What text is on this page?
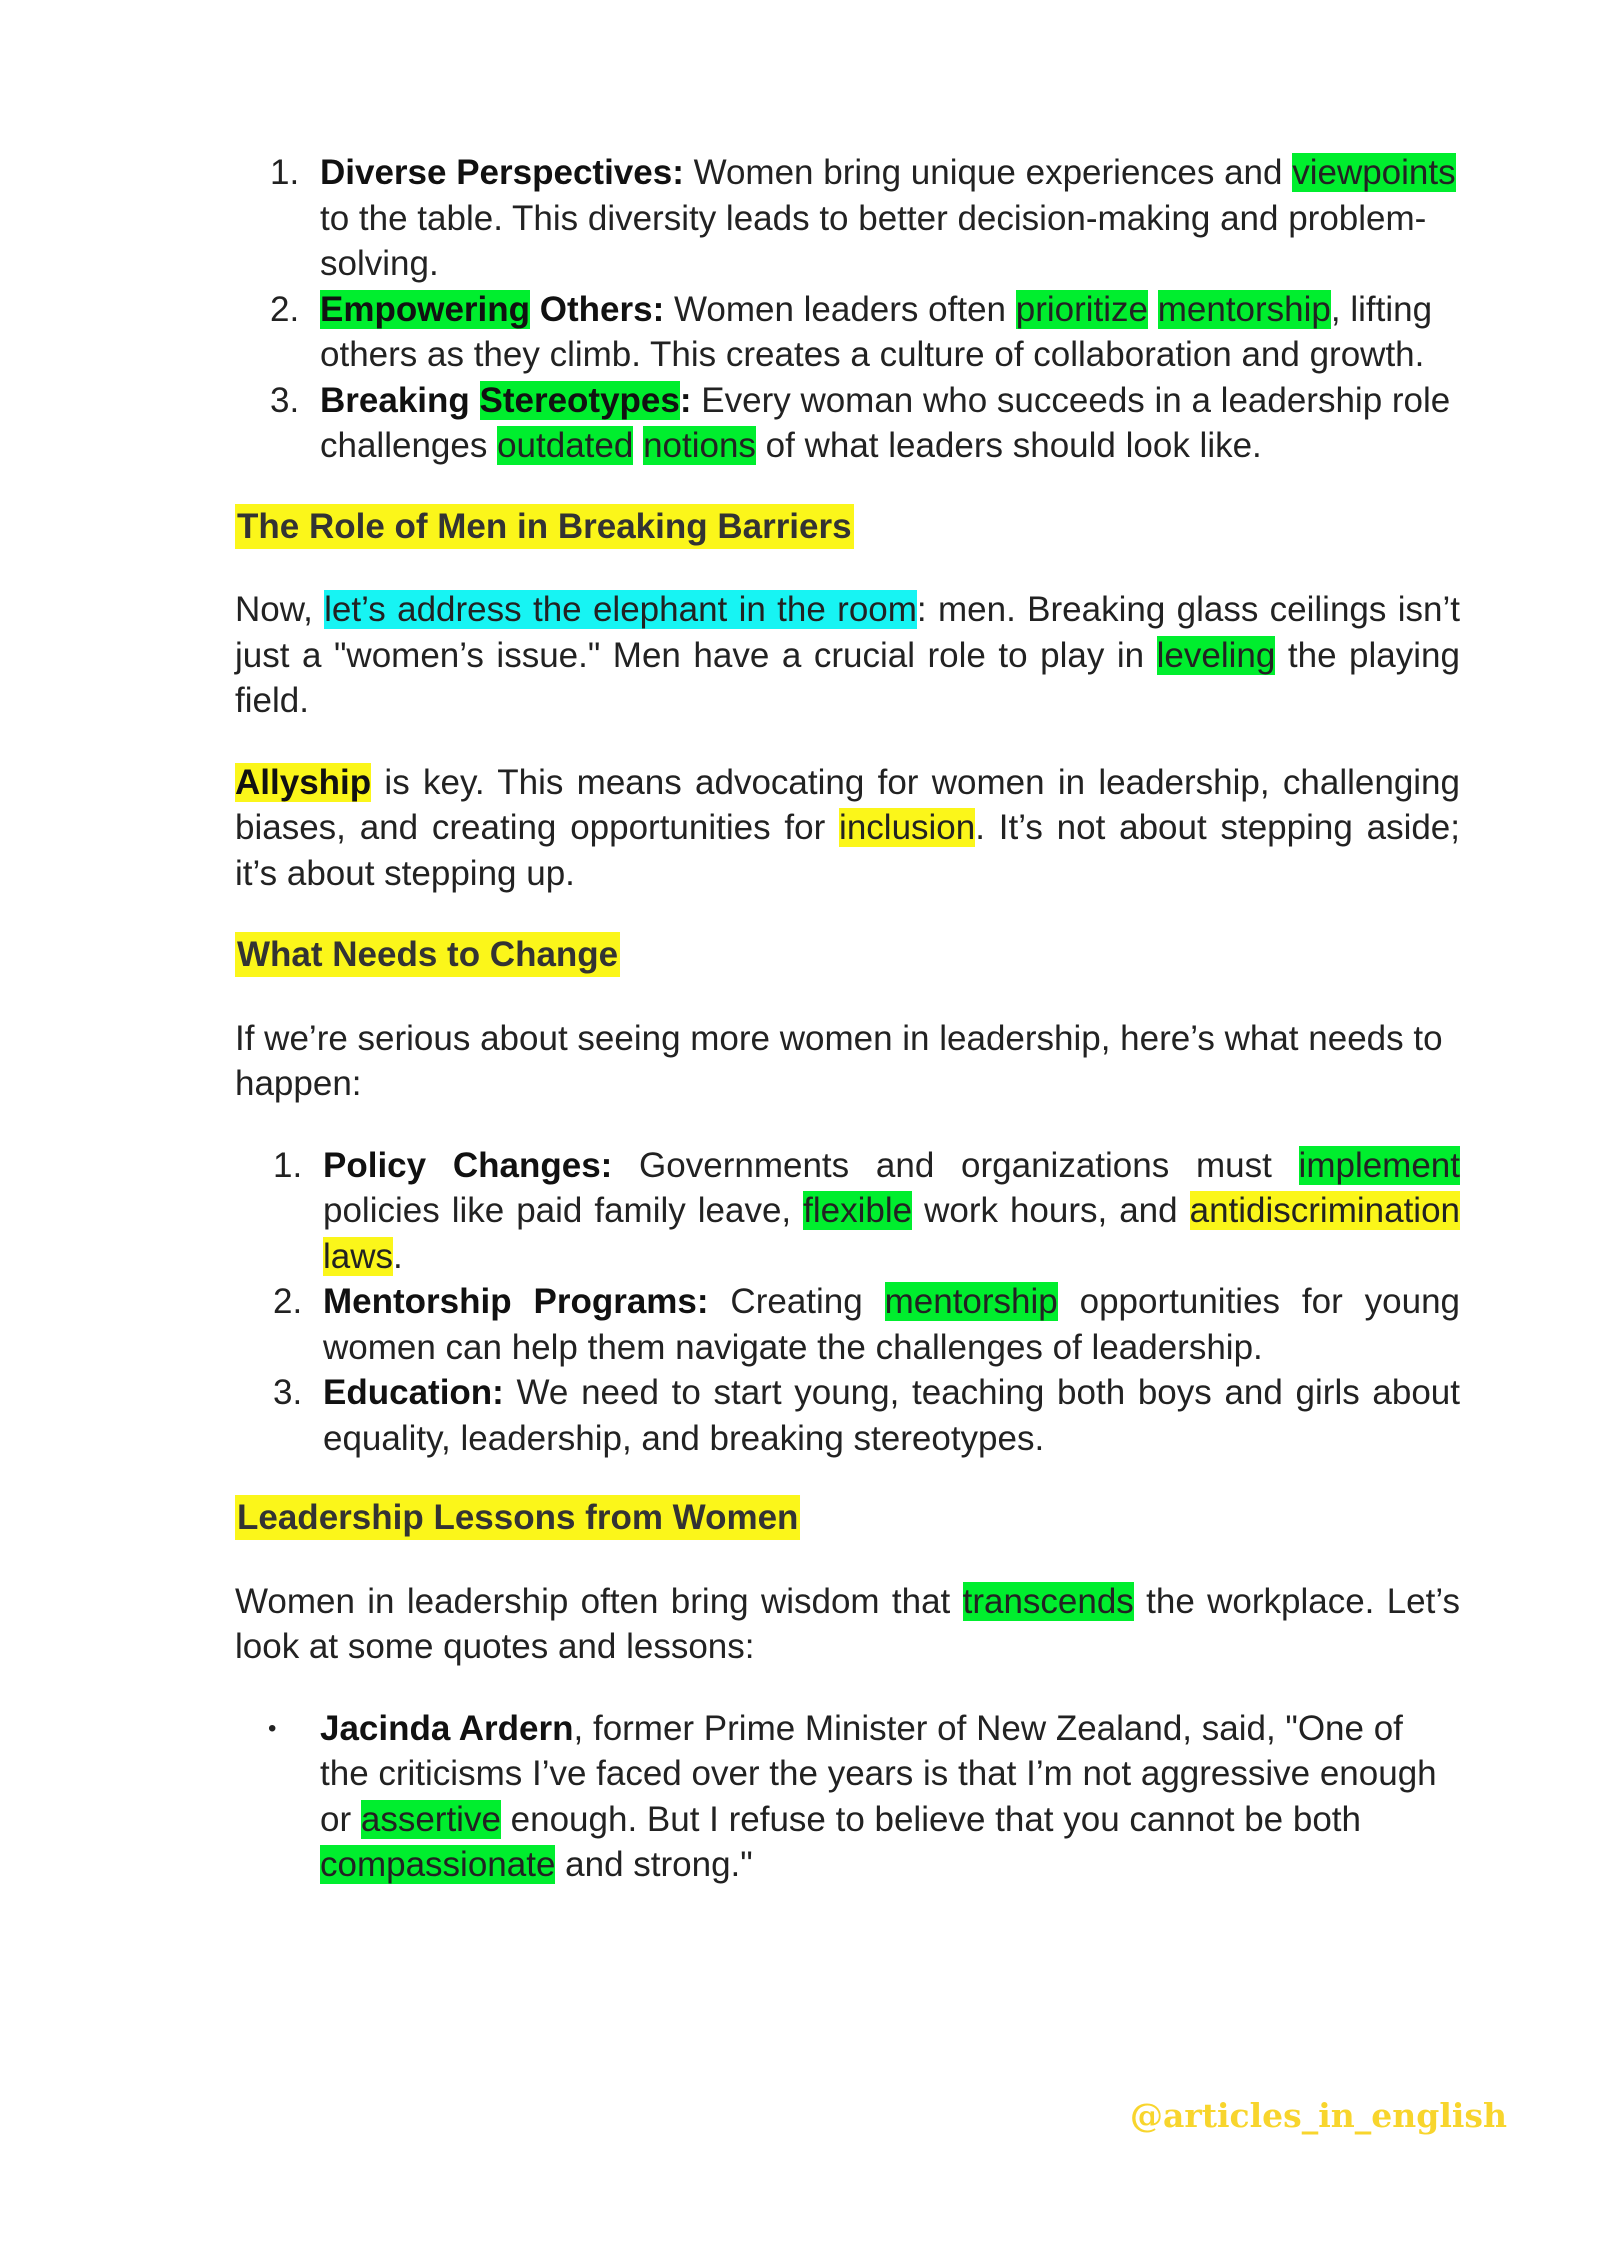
1. Diverse Perspectives: Women bring unique experiences and viewpoints to the table. This diversity leads to better decision-making and problem-solving.
2. Empowering Others: Women leaders often prioritize mentorship, lifting others as they climb. This creates a culture of collaboration and growth.
3. Breaking Stereotypes: Every woman who succeeds in a leadership role challenges outdated notions of what leaders should look like.
The Role of Men in Breaking Barriers

Now, let’s address the elephant in the room: men. Breaking glass ceilings isn’t just a "women’s issue." Men have a crucial role to play in leveling the playing field.

Allyship is key. This means advocating for women in leadership, challenging biases, and creating opportunities for inclusion. It’s not about stepping aside; it’s about stepping up.

What Needs to Change

If we’re serious about seeing more women in leadership, here’s what needs to happen:

1. Policy Changes: Governments and organizations must implement policies like paid family leave, flexible work hours, and antidiscrimination laws.
2. Mentorship Programs: Creating mentorship opportunities for young women can help them navigate the challenges of leadership.
3. Education: We need to start young, teaching both boys and girls about equality, leadership, and breaking stereotypes.
Leadership Lessons from Women

Women in leadership often bring wisdom that transcends the workplace. Let’s look at some quotes and lessons:

• Jacinda Ardern, former Prime Minister of New Zealand, said, "One of the criticisms I’ve faced over the years is that I’m not aggressive enough or assertive enough. But I refuse to believe that you cannot be both compassionate and strong."
@articles_in_english
